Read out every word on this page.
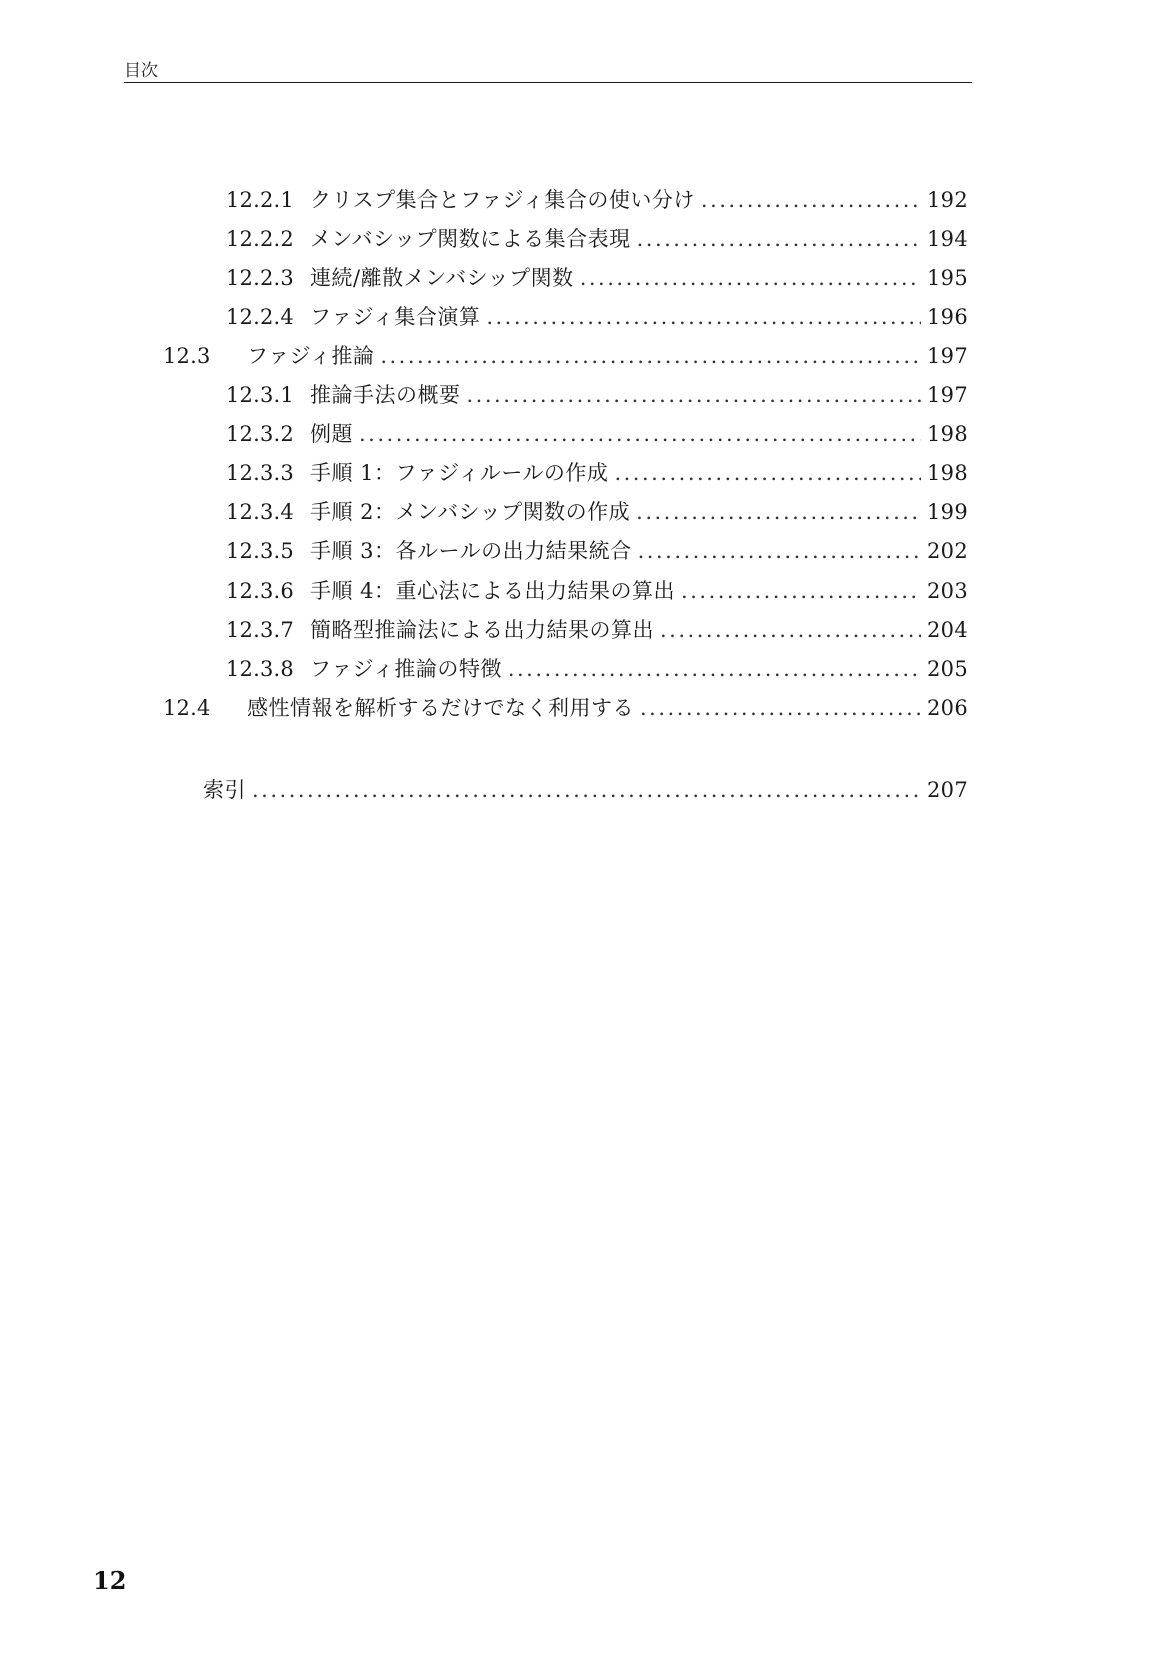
目次
12.2.1 クリスプ集合とファジィ集合の使い分け .....	192
12.2.2 メンバシップ関数による集合表現 .....	194
12.2.3 連続/離散メンバシップ関数 .....	195
12.2.4 ファジィ集合演算 .....	196
12.3	ファジィ推論 .....	197
12.3.1 推論手法の概要 .....	197
12.3.2 例題 .....	198
12.3.3 手順 1：ファジィルールの作成 .....	198
12.3.4 手順 2：メンバシップ関数の作成 .....	199
12.3.5 手順 3：各ルールの出力結果統合 .....	202
12.3.6 手順 4：重心法による出力結果の算出 .....	203
12.3.7 簡略型推論法による出力結果の算出 .....	204
12.3.8 ファジィ推論の特徴 .....	205
12.4	感性情報を解析するだけでなく利用する .....	206
索引 .....	207
12
